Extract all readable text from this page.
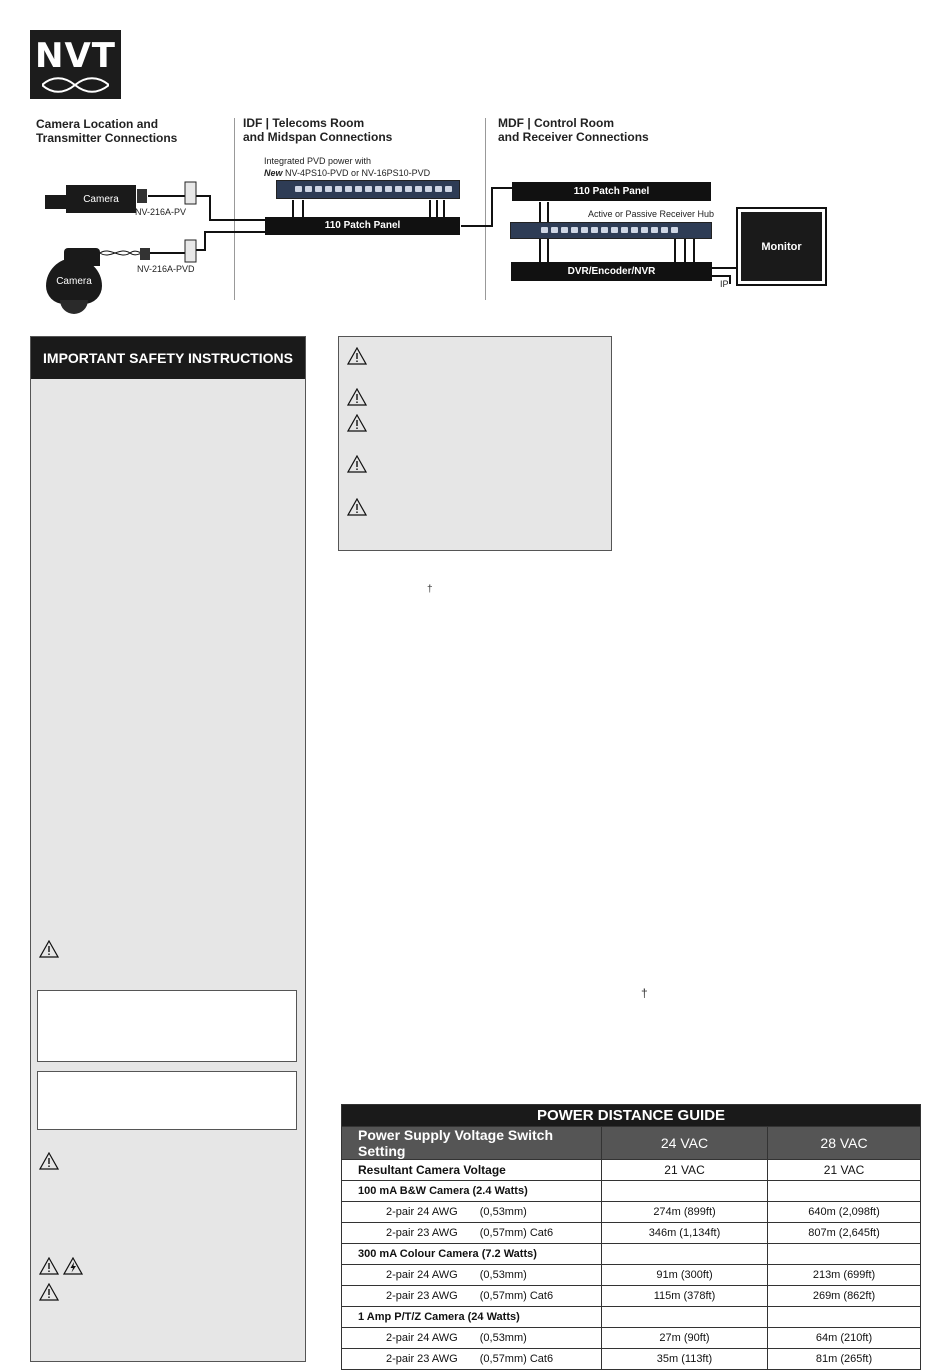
NVT
Camera Location and
Transmitter Connections
IDF | Telecoms Room
and Midspan Connections
MDF | Control Room
and Receiver Connections
Integrated PVD power with
New NV-4PS10-PVD or NV-16PS10-PVD
Camera
NV-216A-PV
Camera
NV-216A-PVD
110 Patch Panel
110 Patch Panel
Active or Passive Receiver Hub
DVR/Encoder/NVR
IP
Monitor
IMPORTANT SAFETY INSTRUCTIONS
†
†
POWER DISTANCE GUIDE		
Power Supply Voltage Switch Setting	24 VAC	28 VAC
Resultant Camera Voltage	21 VAC	21 VAC
100 mA B&W Camera (2.4 Watts)		
2-pair 24 AWG (0,53mm)	274m (899ft)	640m (2,098ft)
2-pair 23 AWG (0,57mm) Cat6	346m (1,134ft)	807m (2,645ft)
300 mA Colour Camera (7.2 Watts)		
2-pair 24 AWG (0,53mm)	91m (300ft)	213m (699ft)
2-pair 23 AWG (0,57mm) Cat6	115m (378ft)	269m (862ft)
1 Amp P/T/Z Camera (24 Watts)		
2-pair 24 AWG (0,53mm)	27m (90ft)	64m (210ft)
2-pair 23 AWG (0,57mm) Cat6	35m (113ft)	81m (265ft)
